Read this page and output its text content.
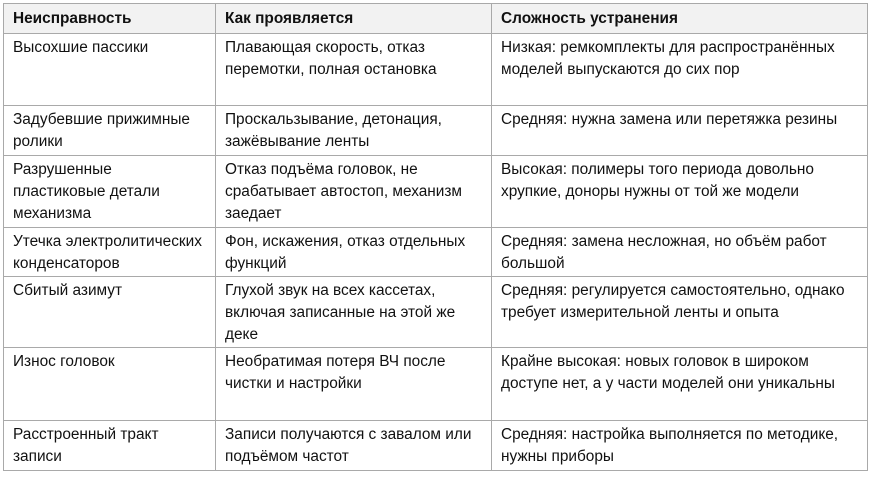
Неисправность	Как проявляется	Сложность устранения
Высохшие пассики	Плавающая скорость, отказ перемотки, полная остановка	Низкая: ремкомплекты для распространённых моделей выпускаются до сих пор
Задубевшие прижимные ролики	Проскальзывание, детонация, зажёвывание ленты	Средняя: нужна замена или перетяжка резины
Разрушенные пластиковые детали механизма	Отказ подъёма головок, не срабатывает автостоп, механизм заедает	Высокая: полимеры того периода довольно хрупкие, доноры нужны от той же модели
Утечка электролитических конденсаторов	Фон, искажения, отказ отдельных функций	Средняя: замена несложная, но объём работ большой
Сбитый азимут	Глухой звук на всех кассетах, включая записанные на этой же деке	Средняя: регулируется самостоятельно, однако требует измерительной ленты и опыта
Износ головок	Необратимая потеря ВЧ после чистки и настройки	Крайне высокая: новых головок в широком доступе нет, а у части моделей они уникальны
Расстроенный тракт записи	Записи получаются с завалом или подъёмом частот	Средняя: настройка выполняется по методике, нужны приборы
